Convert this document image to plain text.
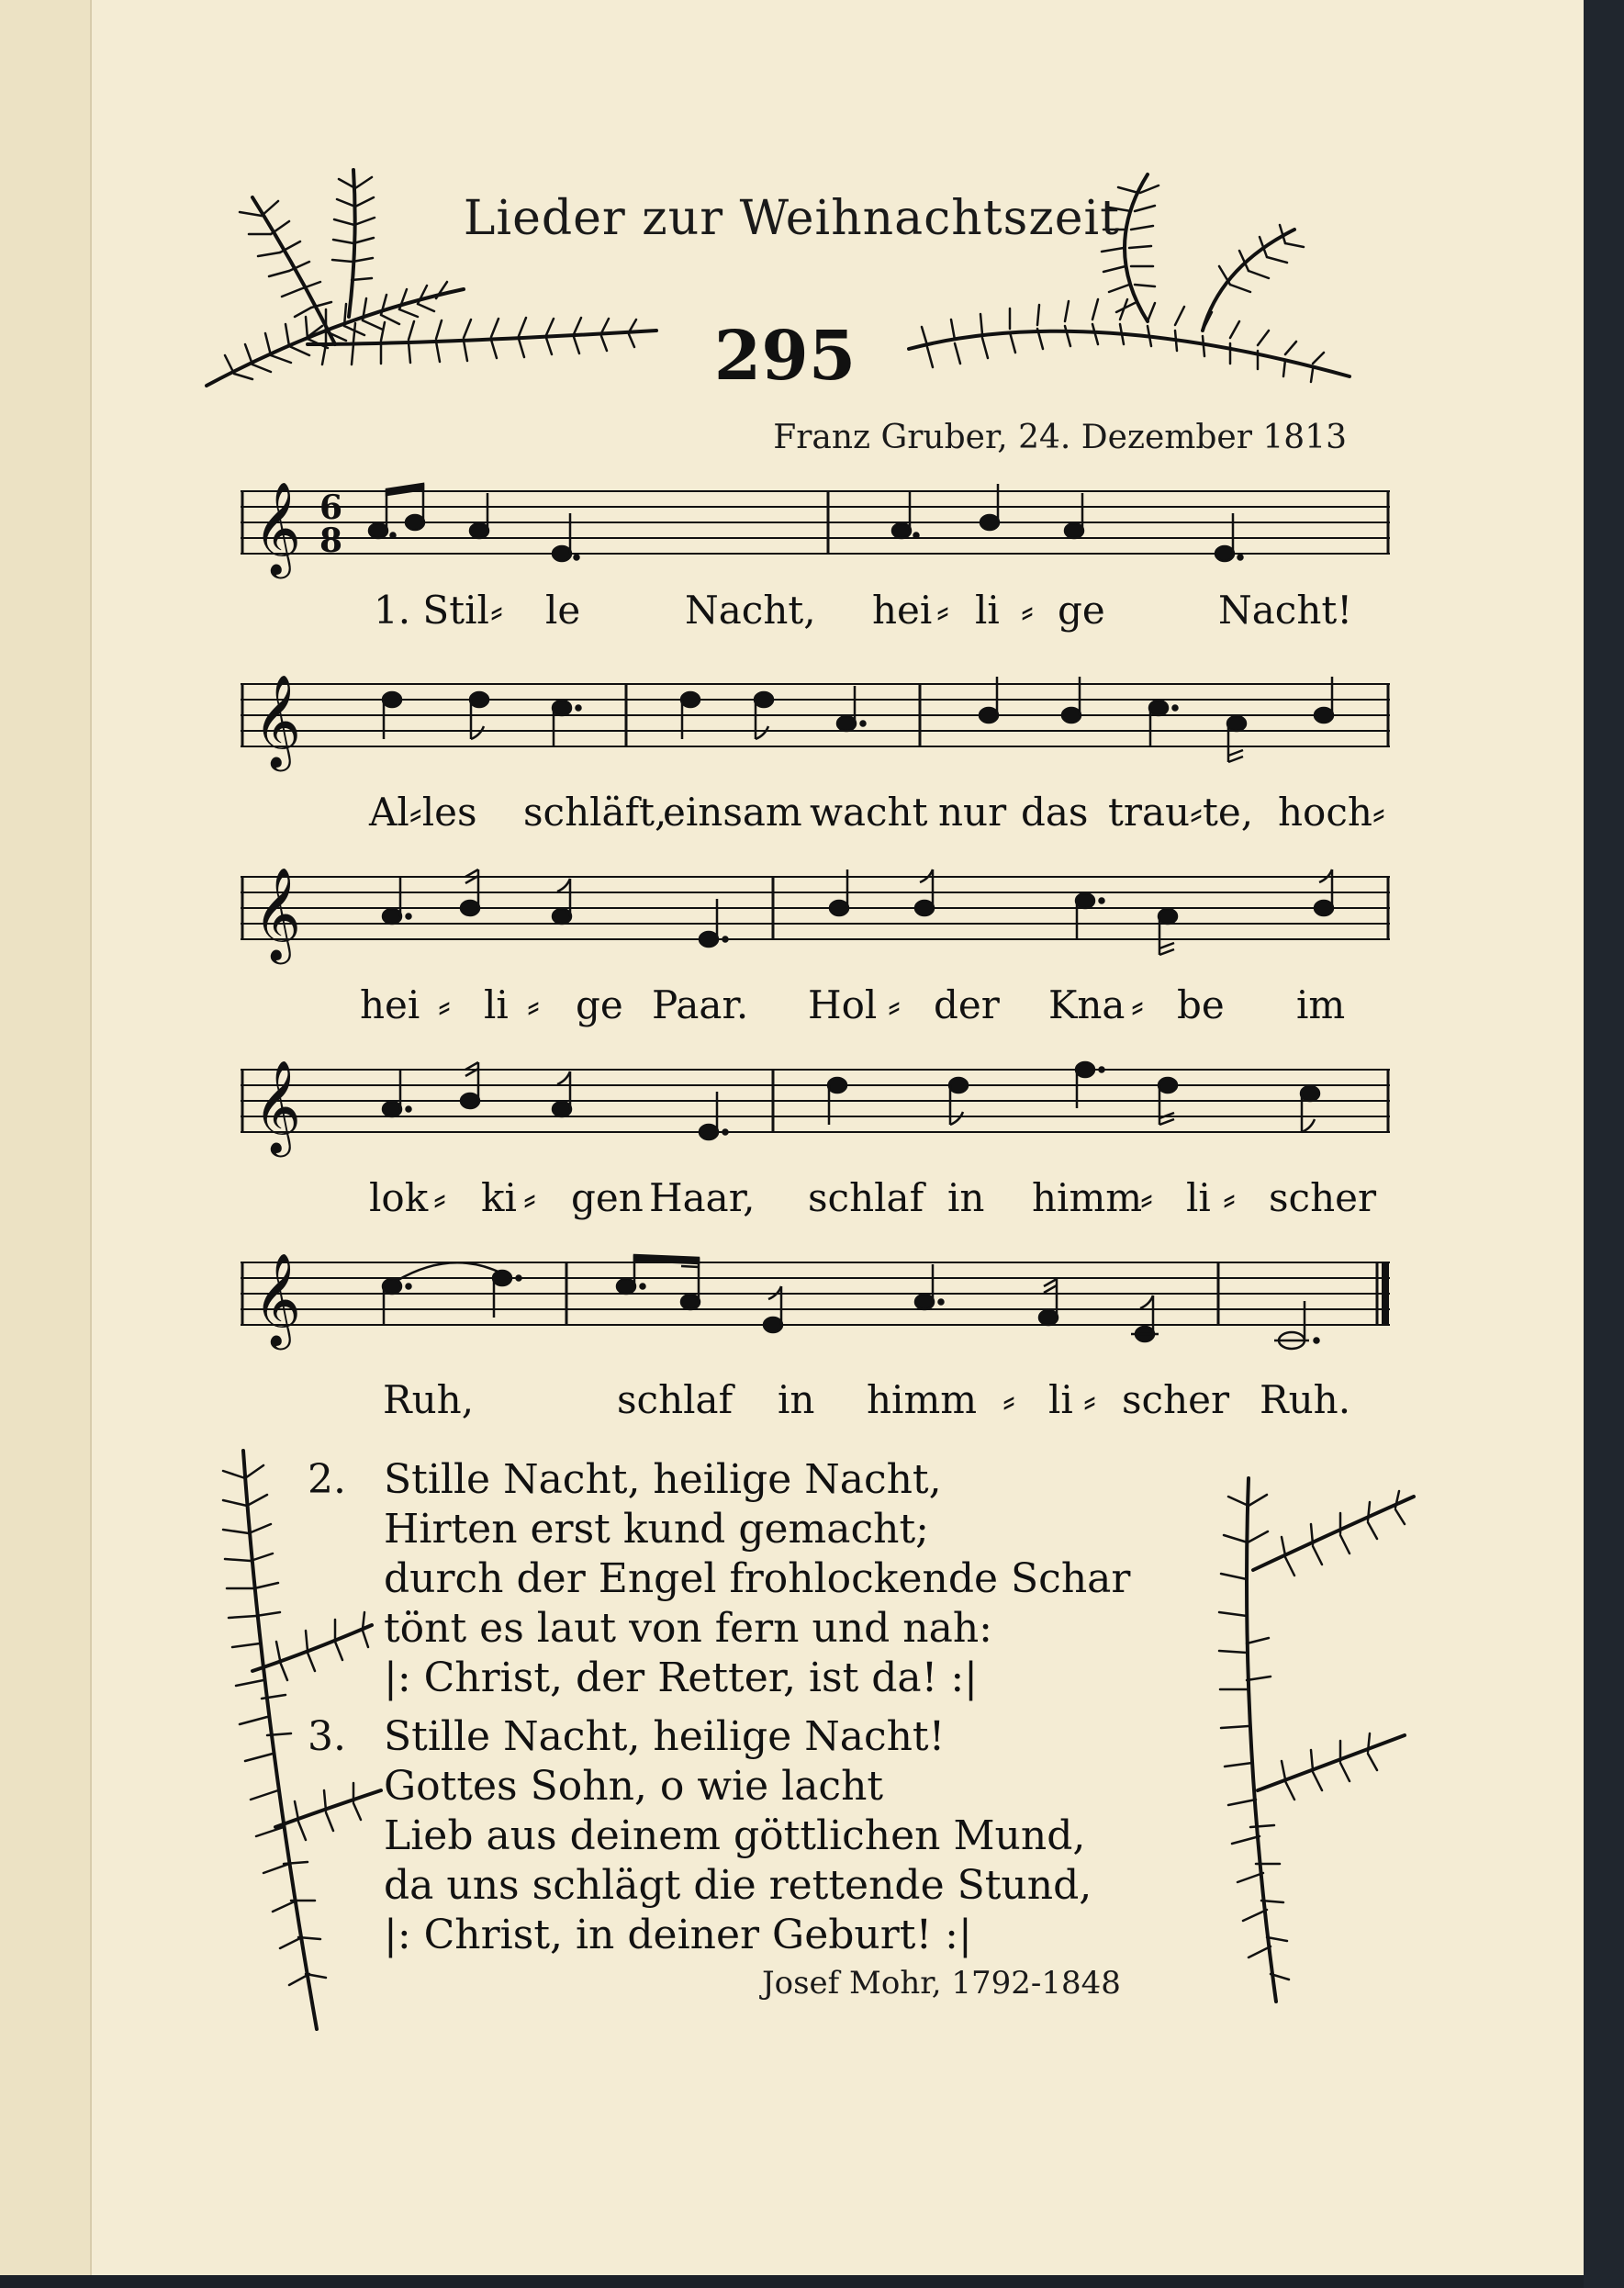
Lieder zur Weihnachtszeit
295
Franz Gruber, 24. Dezember 1813
𝄞 6
8
1. Stil ⸗ le	Nacht, hei ⸗ li ⸗ ge	Nacht!
𝄞
Al⸗les schläft,
einsam wacht nur das trau⸗te, hoch⸗
𝄞
hei ⸗ li ⸗ ge Paar. Hol ⸗ der Kna ⸗ be im
𝄞
lok ⸗ ki ⸗ gen Haar, schlaf in himm
⸗ li ⸗ scher
𝄞
Ruh,	schlaf in himm ⸗ li ⸗ scher Ruh.
2. Stille Nacht, heilige Nacht,
Hirten erst kund gemacht;
durch der Engel frohlockende Schar
tönt es laut von fern und nah:
|: Christ, der Retter, ist da! :|
3. Stille Nacht, heilige Nacht!
Gottes Sohn, o wie lacht
Lieb aus deinem göttlichen Mund,
da uns schlägt die rettende Stund,
|: Christ, in deiner Geburt! :|
Josef Mohr, 1792-1848
